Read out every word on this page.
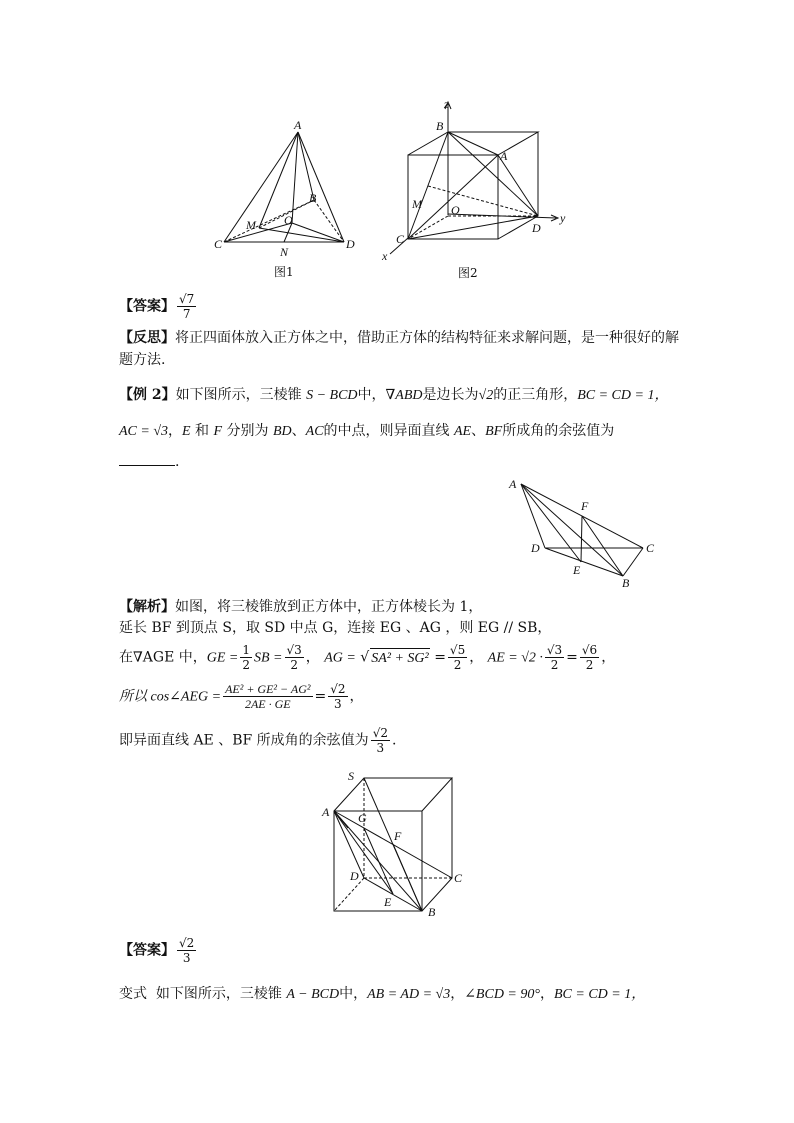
A
B
C	D
M O
N
图1
z
y
x
B
A
M O
C
D
图2
【答案】 $\frac{√7}{7}$
【反思】将正四面体放入正方体之中，借助正方体的结构特征来求解问题，是一种很好的解
题方法.
【例 2】如下图所示，三棱锥 S − BCD中，∇ABD是边长为√2的正三角形，BC = CD = 1，
AC = √3，E 和 F 分别为 BD、AC的中点，则异面直线 AE、BF所成角的余弦值为
.
A
F
D	C
E
B
【解析】如图，将三棱锥放到正方体中，正方体棱长为 1，
延长 BF 到顶点 S，取 SD 中点 G，连接 EG 、AG ，则 EG // SB，
在∇AGE 中，GE = $\frac{1}{2}$ SB = $\frac{√3}{2}$ ， AG = √ $SA^2 + SG^2 = \frac{√5}{2}$ ， AE = $√2 \cdot \frac{√3}{2} = \frac{√6}{2}$ ，
所以 cos∠AEG = $\frac{\text{AE² + GE² − AG²}}{2AE \cdot GE} = \frac{√2}{3}$ ，
即异面直线 AE 、BF 所成角的余弦值为 $\frac{√2}{3}$ .
S
A G
F
D	C
E
B
【答案】 $\frac{√2}{3}$
变式 如下图所示，三棱锥 A − BCD中，AB = AD = √3，∠BCD = 90°，BC = CD = 1，
